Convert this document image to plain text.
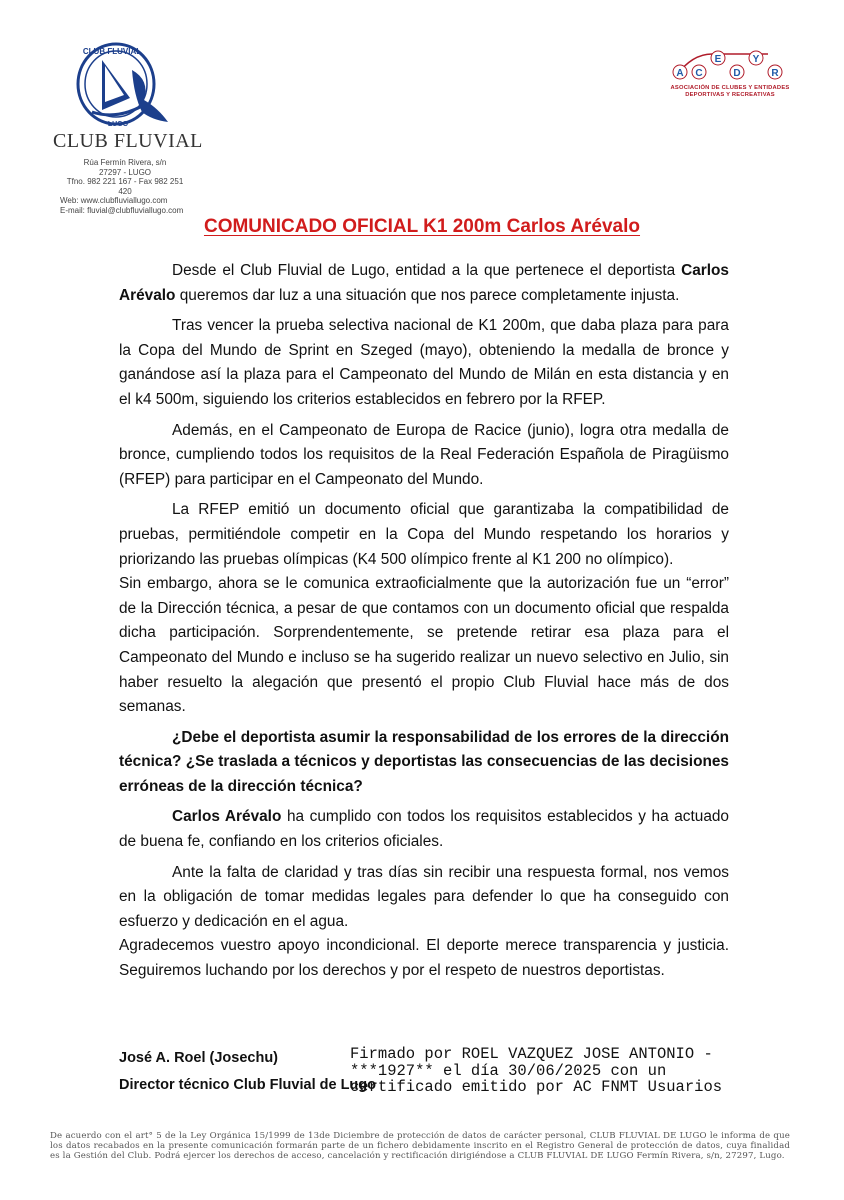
CLUB FLUVIAL
LUGO
CLUB FLUVIAL
Rúa Fermín Rivera, s/n
27297 - LUGO
Tfno. 982 221 167 - Fax 982 251 420
Web: www.clubfluviallugo.com
E-mail: fluvial@clubfluviallugo.com
A C
E
D
Y
R
ASOCIACIÓN DE CLUBES Y ENTIDADES
DEPORTIVAS Y RECREATIVAS
COMUNICADO OFICIAL K1 200m Carlos Arévalo

Desde el Club Fluvial de Lugo, entidad a la que pertenece el deportista Carlos Arévalo queremos dar luz a una situación que nos parece completamente injusta.

Tras vencer la prueba selectiva nacional de K1 200m, que daba plaza para para la Copa del Mundo de Sprint en Szeged (mayo), obteniendo la medalla de bronce y ganándose así la plaza para el Campeonato del Mundo de Milán en esta distancia y en el k4 500m, siguiendo los criterios establecidos en febrero por la RFEP.

Además, en el Campeonato de Europa de Racice (junio), logra otra medalla de bronce, cumpliendo todos los requisitos de la Real Federación Española de Piragüismo (RFEP) para participar en el Campeonato del Mundo.

La RFEP emitió un documento oficial que garantizaba la compatibilidad de pruebas, permitiéndole competir en la Copa del Mundo respetando los horarios y priorizando las pruebas olímpicas (K4 500 olímpico frente al K1 200 no olímpico).

Sin embargo, ahora se le comunica extraoficialmente que la autorización fue un “error” de la Dirección técnica, a pesar de que contamos con un documento oficial que respalda dicha participación. Sorprendentemente, se pretende retirar esa plaza para el Campeonato del Mundo e incluso se ha sugerido realizar un nuevo selectivo en Julio, sin haber resuelto la alegación que presentó el propio Club Fluvial hace más de dos semanas.

¿Debe el deportista asumir la responsabilidad de los errores de la dirección técnica? ¿Se traslada a técnicos y deportistas las consecuencias de las decisiones erróneas de la dirección técnica?

Carlos Arévalo ha cumplido con todos los requisitos establecidos y ha actuado de buena fe, confiando en los criterios oficiales.

Ante la falta de claridad y tras días sin recibir una respuesta formal, nos vemos en la obligación de tomar medidas legales para defender lo que ha conseguido con esfuerzo y dedicación en el agua.

Agradecemos vuestro apoyo incondicional. El deporte merece transparencia y justicia. Seguiremos luchando por los derechos y por el respeto de nuestros deportistas.

José A. Roel (Josechu)
Director técnico Club Fluvial de Lugo
Firmado por ROEL VAZQUEZ JOSE ANTONIO -
***1927** el día 30/06/2025 con un
certificado emitido por AC FNMT Usuarios
De acuerdo con el art° 5 de la Ley Orgánica 15/1999 de 13de Diciembre de protección de datos de carácter personal, CLUB FLUVIAL DE LUGO le informa de que los datos recabados en la presente comunicación formarán parte de un fichero debidamente inscrito en el Registro General de protección de datos, cuya finalidad es la Gestión del Club. Podrá ejercer los derechos de acceso, cancelación y rectificación dirigiéndose a CLUB FLUVIAL DE LUGO Fermín Rivera, s/n, 27297, Lugo.
